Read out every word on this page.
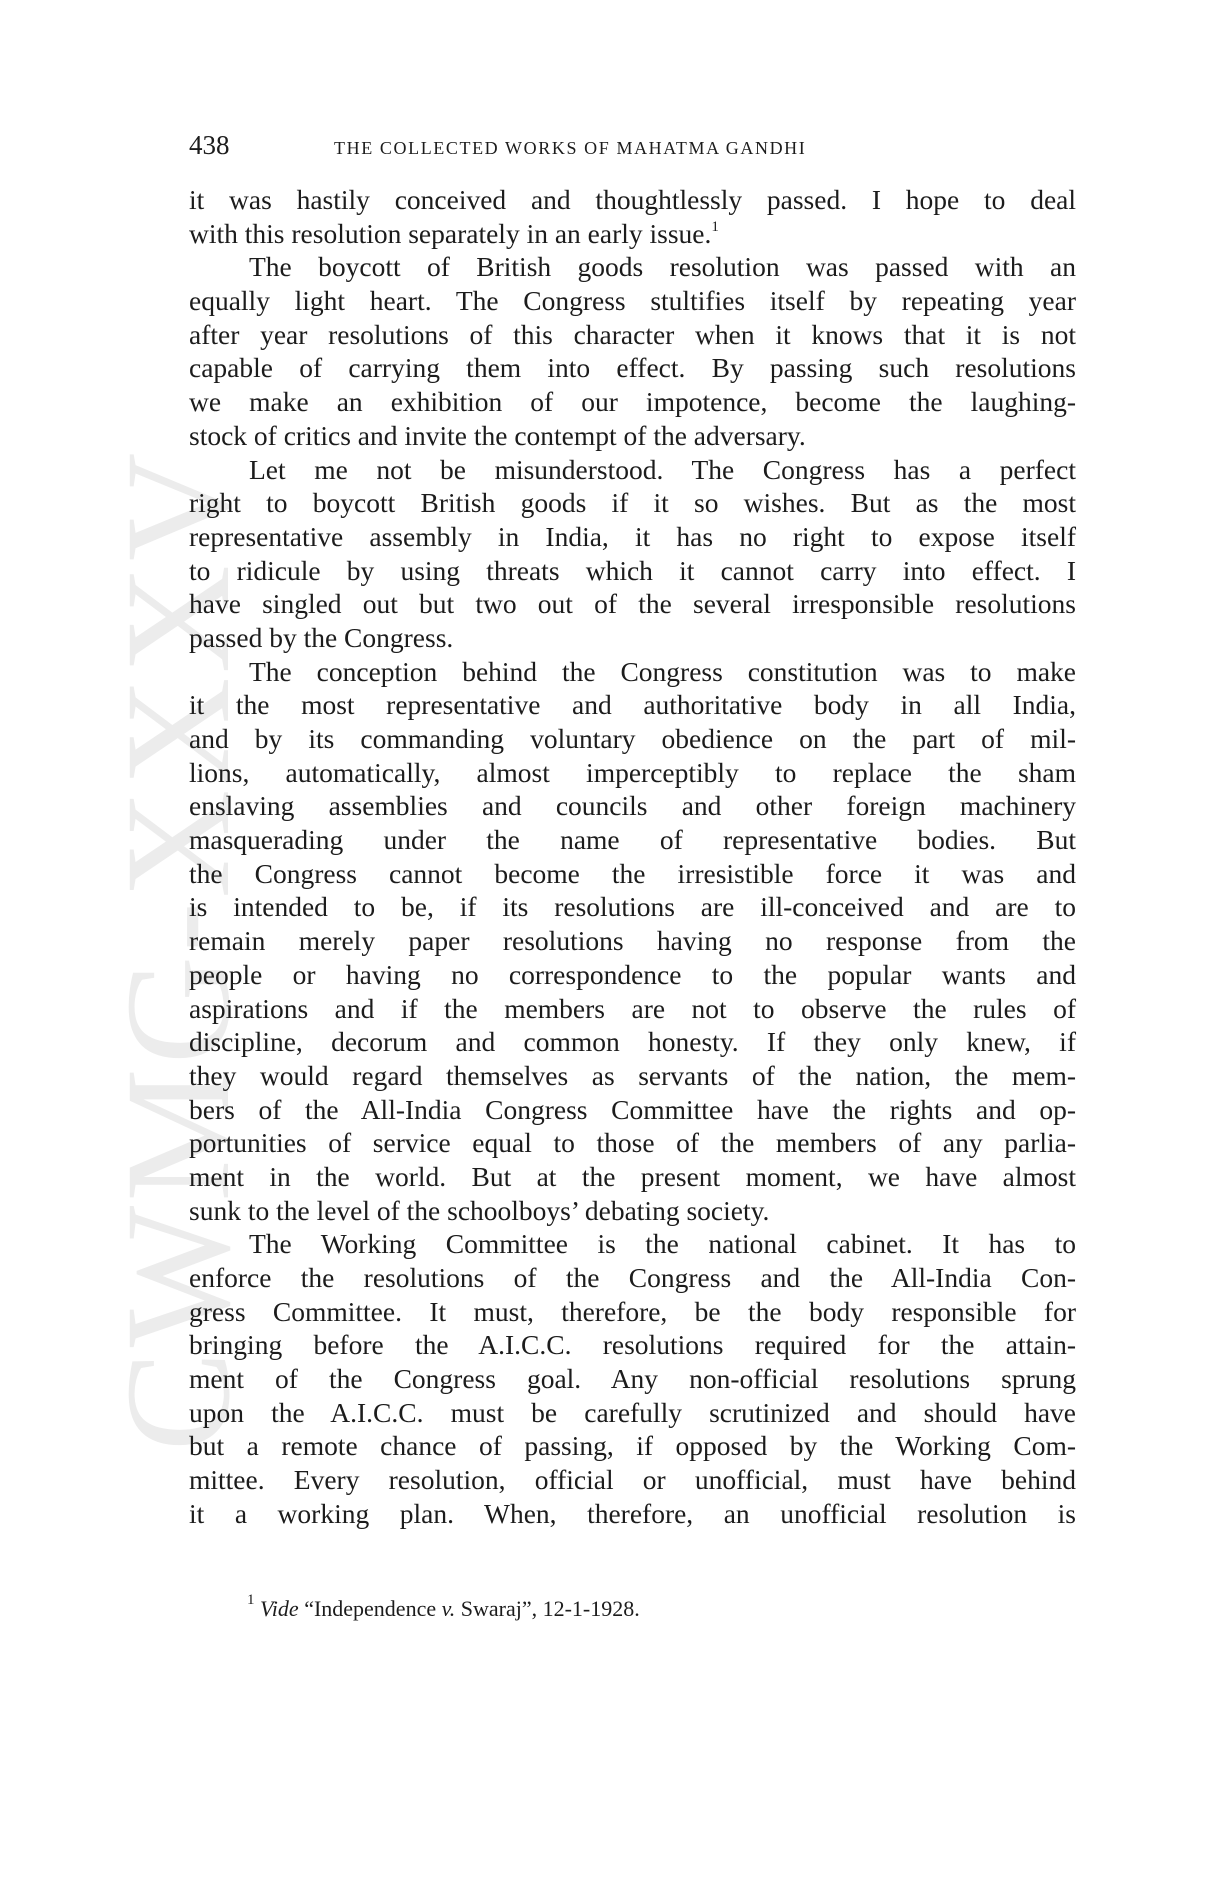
CWMG-XXXV
438	THE COLLECTED WORKS OF MAHATMA GANDHI
it was hastily conceived and thoughtlessly passed. I hope to deal
with this resolution separately in an early issue.$^1$
The boycott of British goods resolution was passed with an
equally light heart. The Congress stultifies itself by repeating year
after year resolutions of this character when it knows that it is not
capable of carrying them into effect. By passing such resolutions
we make an exhibition of our impotence, become the laughing-
stock of critics and invite the contempt of the adversary.
Let me not be misunderstood. The Congress has a perfect
right to boycott British goods if it so wishes. But as the most
representative assembly in India, it has no right to expose itself
to ridicule by using threats which it cannot carry into effect. I
have singled out but two out of the several irresponsible resolutions
passed by the Congress.
The conception behind the Congress constitution was to make
it the most representative and authoritative body in all India,
and by its commanding voluntary obedience on the part of mil-
lions, automatically, almost imperceptibly to replace the sham
enslaving assemblies and councils and other foreign machinery
masquerading under the name of representative bodies. But
the Congress cannot become the irresistible force it was and
is intended to be, if its resolutions are ill-conceived and are to
remain merely paper resolutions having no response from the
people or having no correspondence to the popular wants and
aspirations and if the members are not to observe the rules of
discipline, decorum and common honesty. If they only knew, if
they would regard themselves as servants of the nation, the mem-
bers of the All-India Congress Committee have the rights and op-
portunities of service equal to those of the members of any parlia-
ment in the world. But at the present moment, we have almost
sunk to the level of the schoolboys’ debating society.
The Working Committee is the national cabinet. It has to
enforce the resolutions of the Congress and the All-India Con-
gress Committee. It must, therefore, be the body responsible for
bringing before the A.I.C.C. resolutions required for the attain-
ment of the Congress goal. Any non-official resolutions sprung
upon the A.I.C.C. must be carefully scrutinized and should have
but a remote chance of passing, if opposed by the Working Com-
mittee. Every resolution, official or unofficial, must have behind
it a working plan. When, therefore, an unofficial resolution is
$^1$ Vide “Independence v. Swaraj”, 12-1-1928.
